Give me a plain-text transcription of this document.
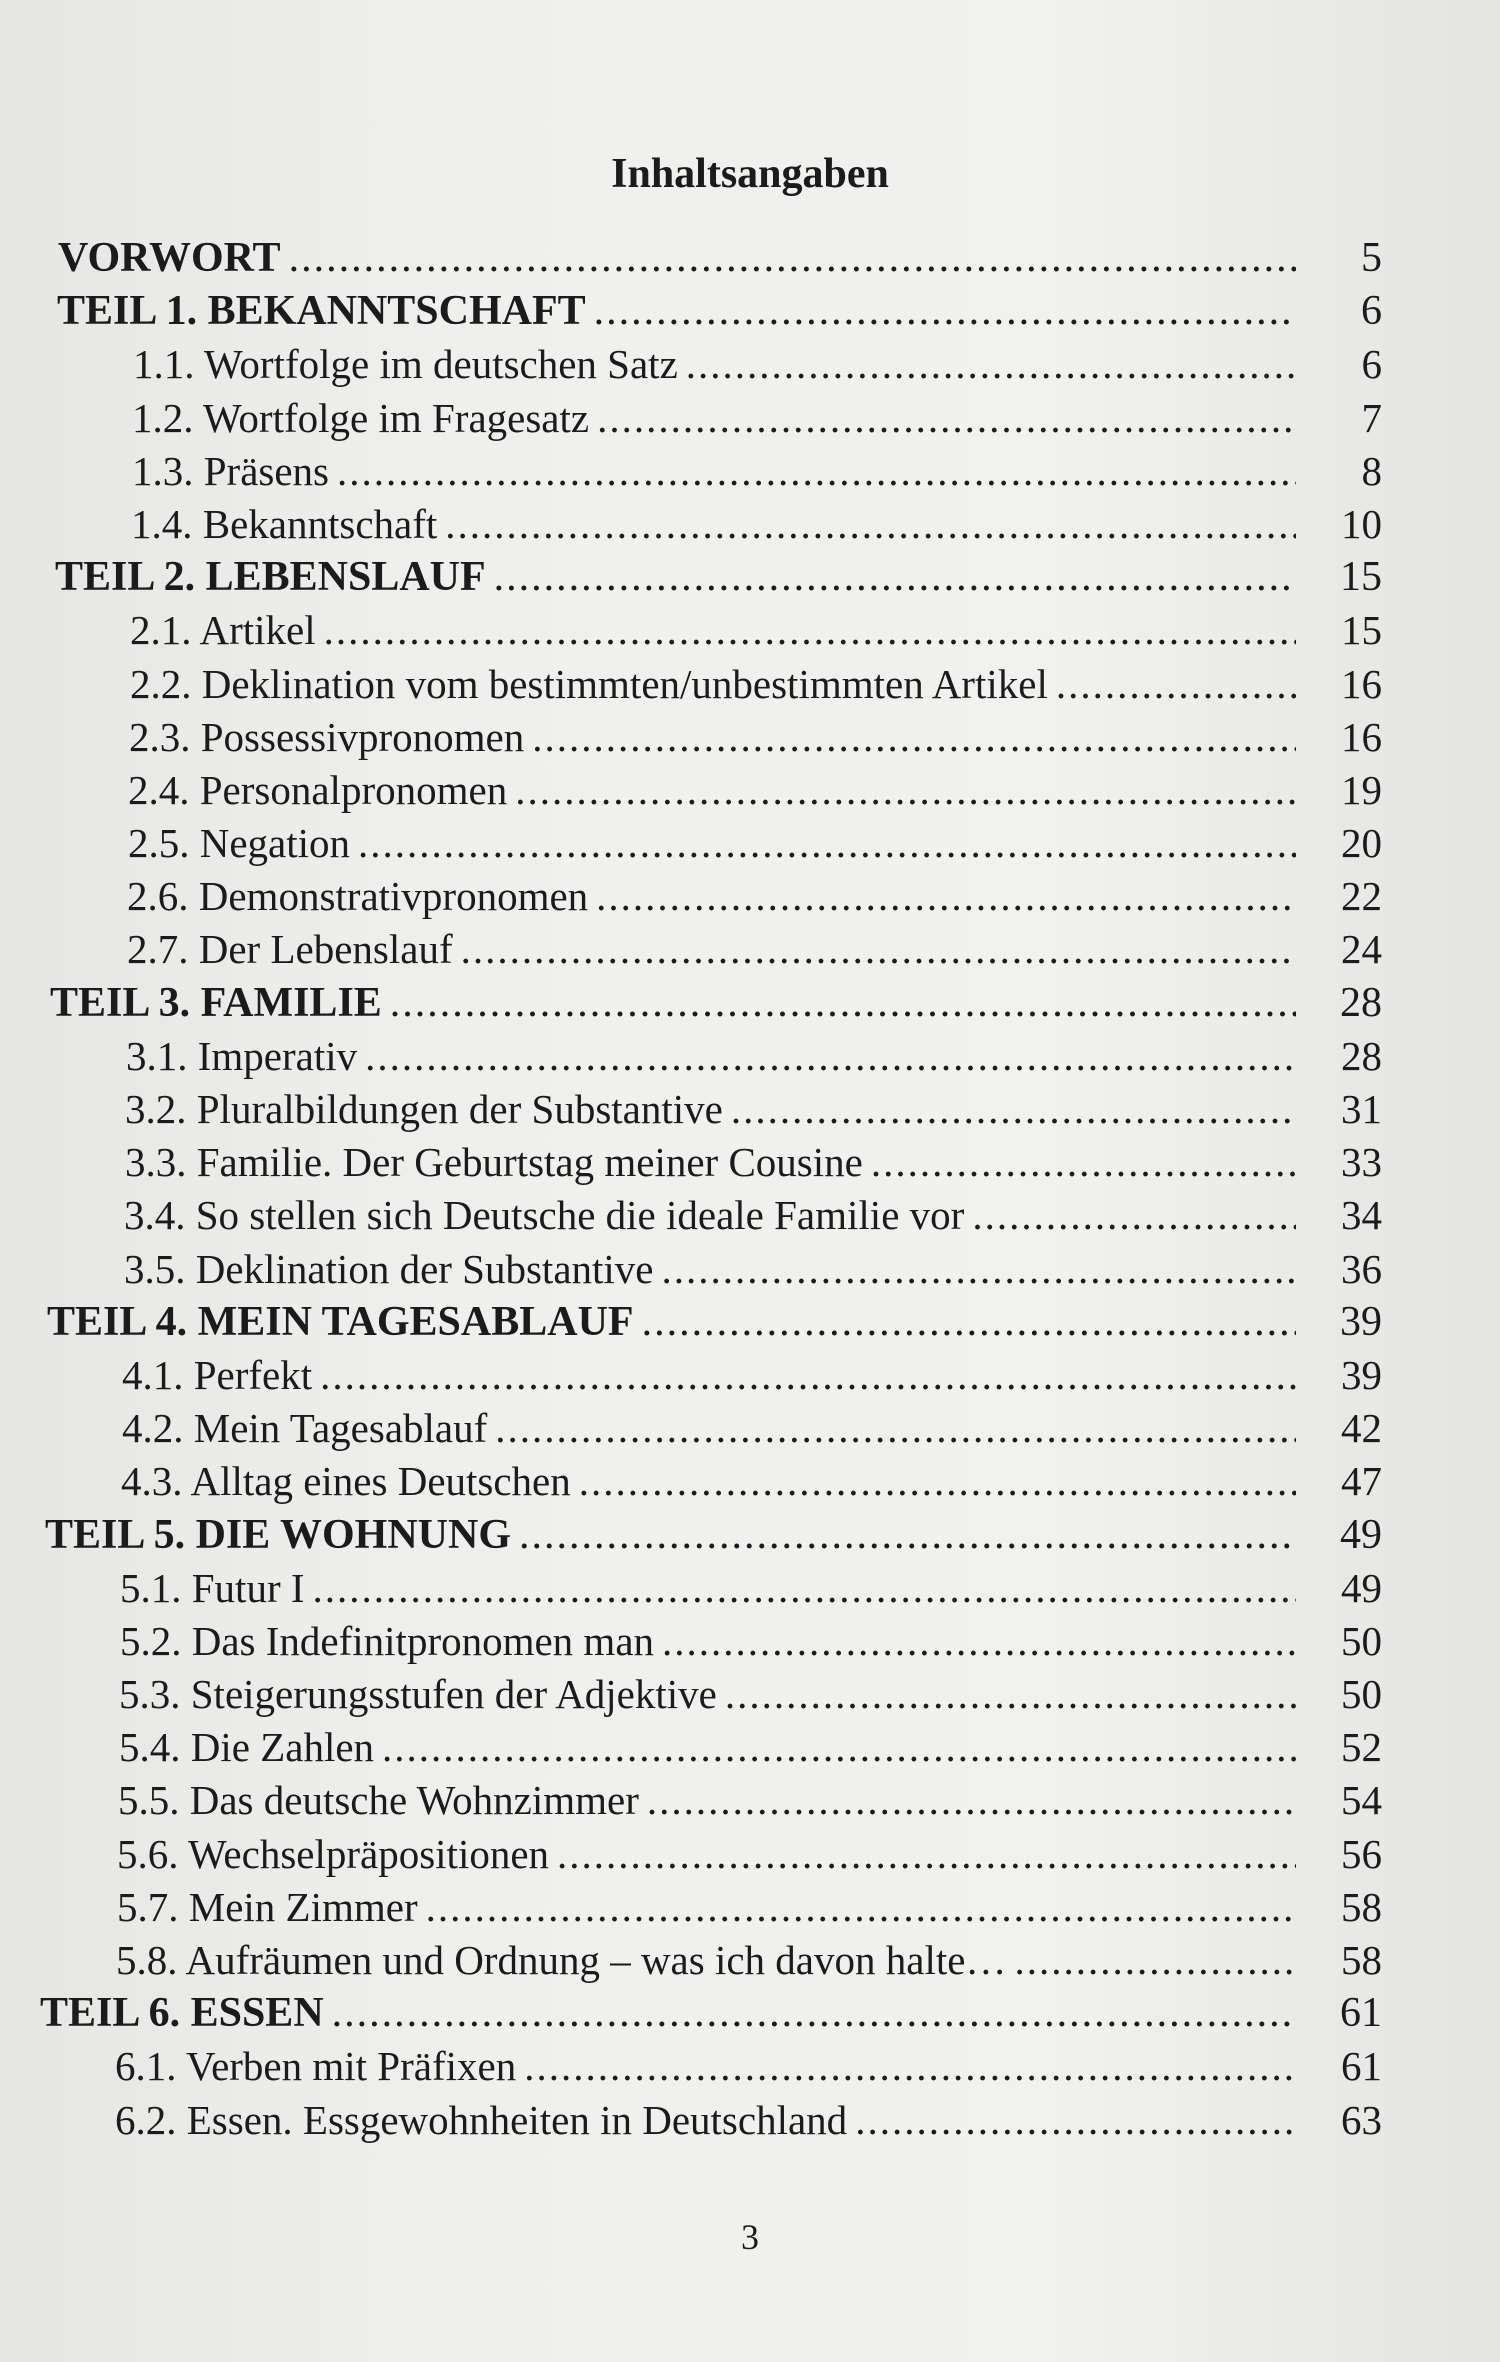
Inhaltsangaben
VORWORT .....	5
TEIL 1. BEKANNTSCHAFT .....	6
1.1. Wortfolge im deutschen Satz .....	6
1.2. Wortfolge im Fragesatz .....	7
1.3. Präsens .....	8
1.4. Bekanntschaft .....	10
TEIL 2. LEBENSLAUF .....	15
2.1. Artikel .....	15
2.2. Deklination vom bestimmten/unbestimmten Artikel .....	16
2.3. Possessivpronomen .....	16
2.4. Personalpronomen .....	19
2.5. Negation .....	20
2.6. Demonstrativpronomen .....	22
2.7. Der Lebenslauf .....	24
TEIL 3. FAMILIE .....	28
3.1. Imperativ .....	28
3.2. Pluralbildungen der Substantive .....	31
3.3. Familie. Der Geburtstag meiner Cousine .....	33
3.4. So stellen sich Deutsche die ideale Familie vor .....	34
3.5. Deklination der Substantive .....	36
TEIL 4. MEIN TAGESABLAUF .....	39
4.1. Perfekt .....	39
4.2. Mein Tagesablauf .....	42
4.3. Alltag eines Deutschen .....	47
TEIL 5. DIE WOHNUNG .....	49
5.1. Futur I .....	49
5.2. Das Indefinitpronomen man .....	50
5.3. Steigerungsstufen der Adjektive .....	50
5.4. Die Zahlen .....	52
5.5. Das deutsche Wohnzimmer .....	54
5.6. Wechselpräpositionen .....	56
5.7. Mein Zimmer .....	58
5.8. Aufräumen und Ordnung – was ich davon halte… .....	58
TEIL 6. ESSEN .....	61
6.1. Verben mit Präfixen .....	61
6.2. Essen. Essgewohnheiten in Deutschland .....	63
3
